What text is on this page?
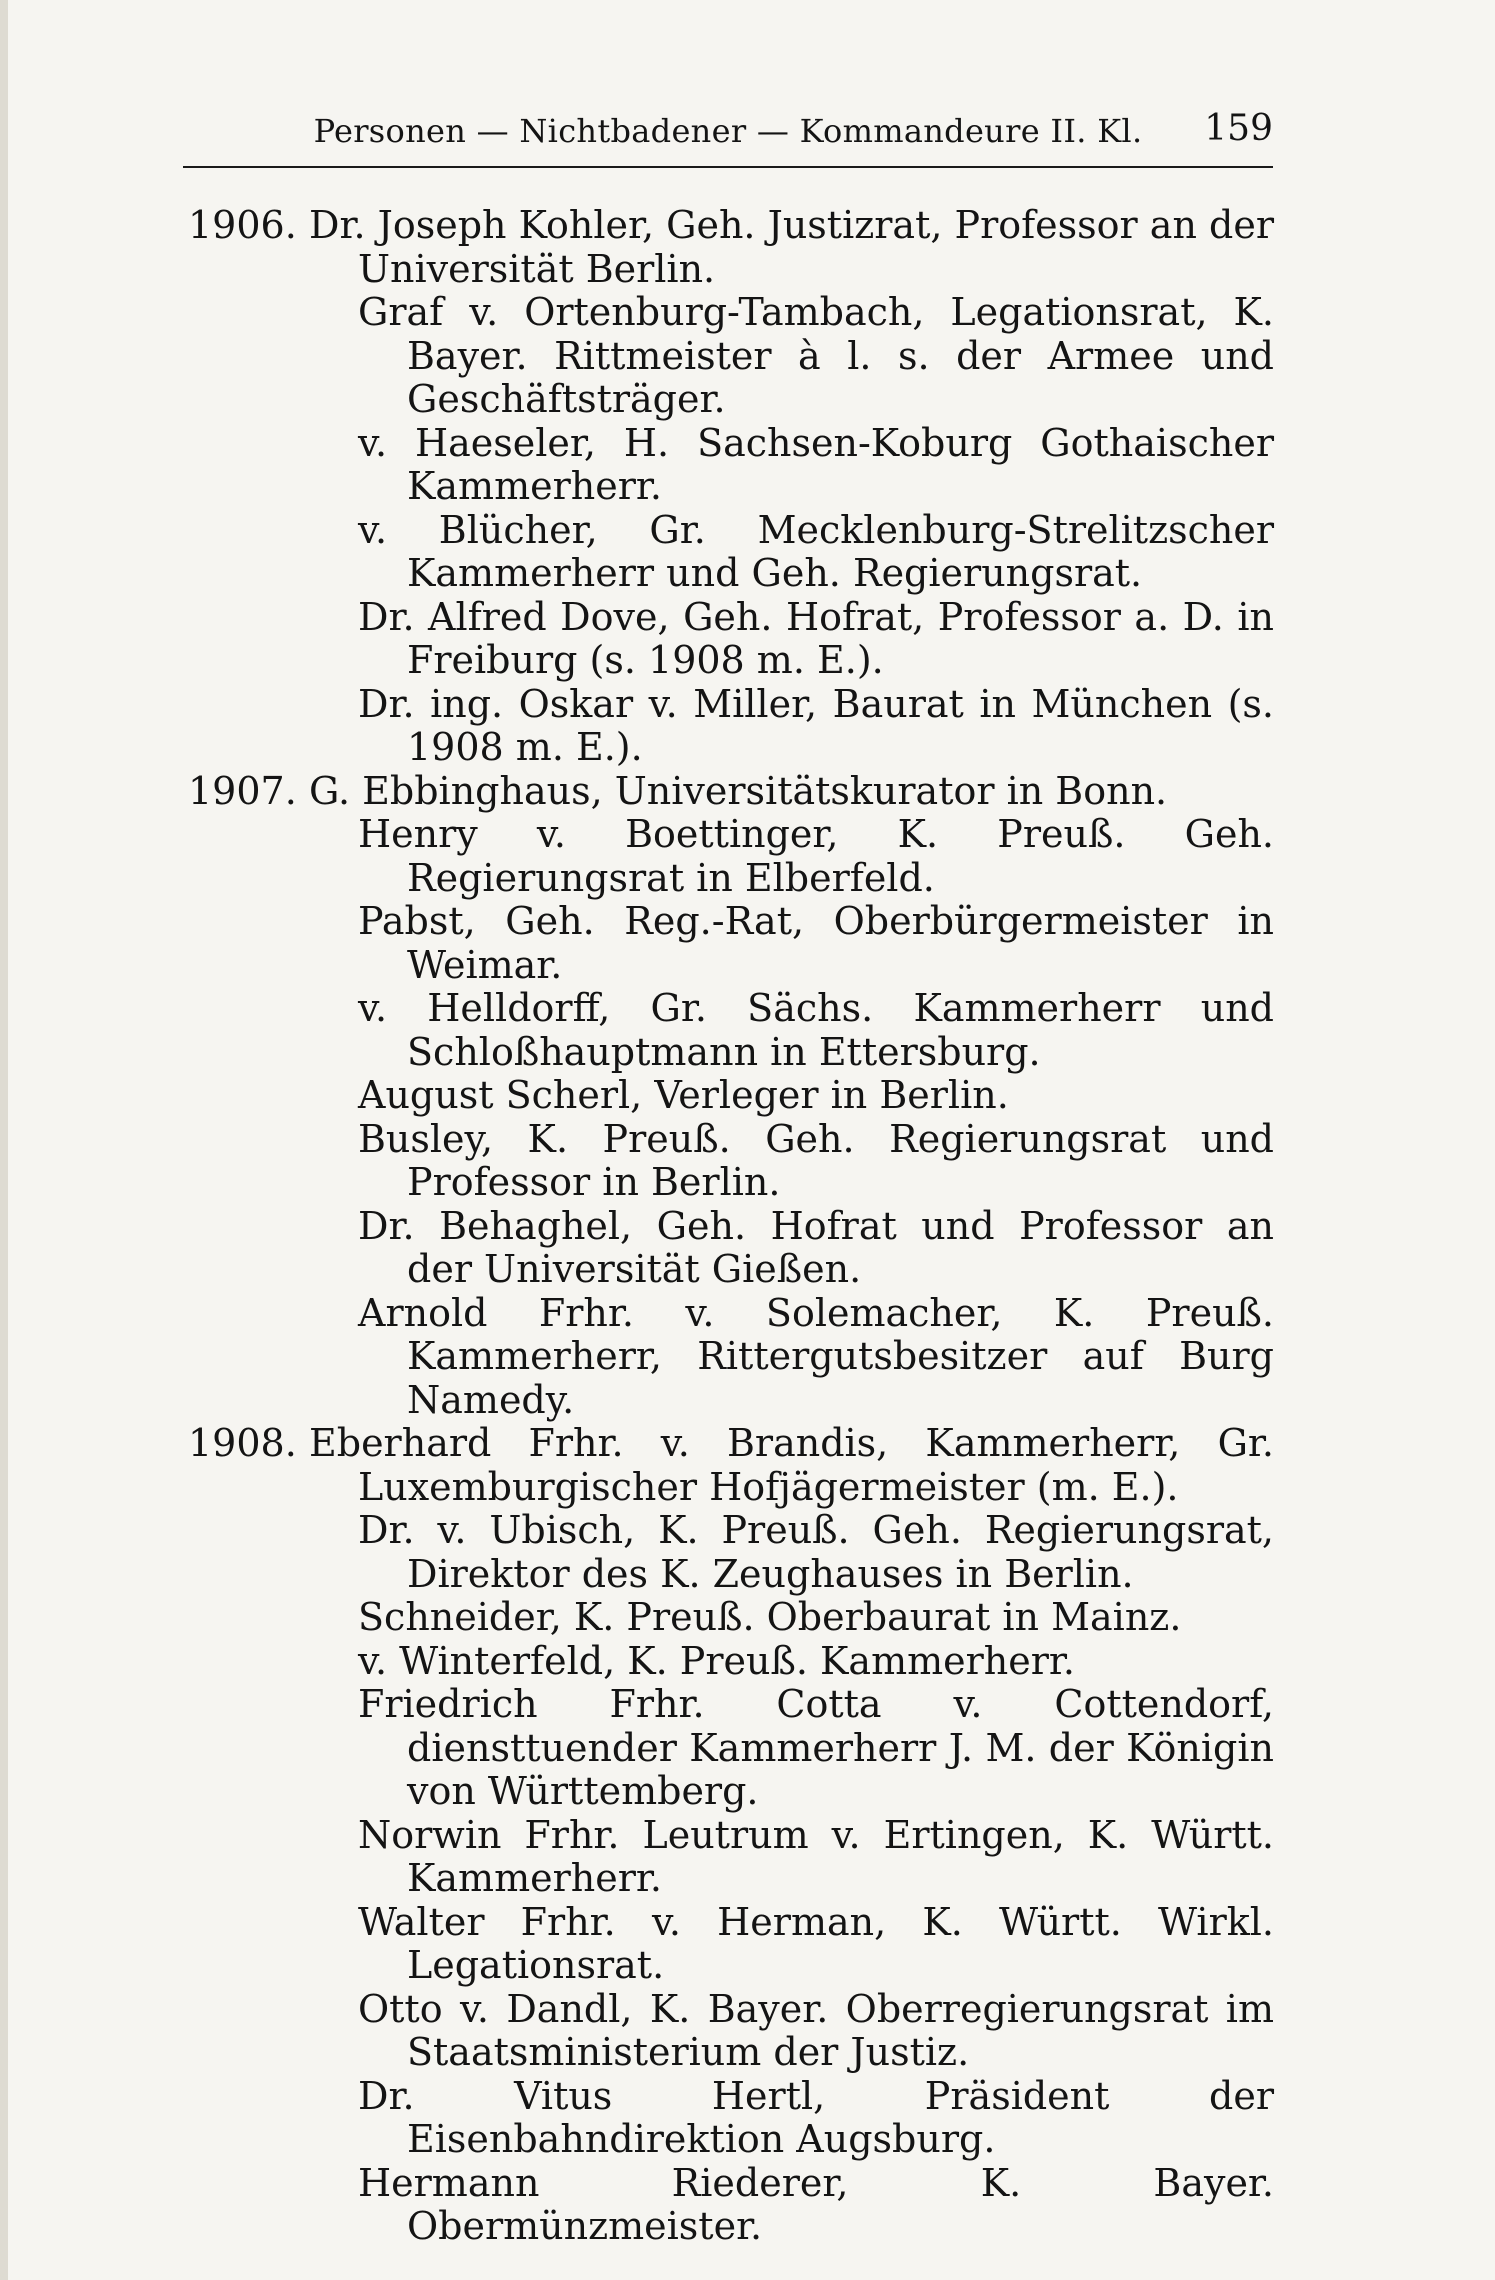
Personen — Nichtbadener — Kommandeure II. Kl.	159
1906. Dr. Joseph Kohler, Geh. Justizrat, Professor an der Universität Berlin.
Graf v. Ortenburg-Tambach, Legationsrat, K. Bayer. Rittmeister à l. s. der Armee und Geschäftsträger.
v. Haeseler, H. Sachsen-Koburg Gothaischer Kammerherr.
v. Blücher, Gr. Mecklenburg-Strelitzscher Kammerherr und Geh. Regierungsrat.
Dr. Alfred Dove, Geh. Hofrat, Professor a. D. in Freiburg (s. 1908 m. E.).
Dr. ing. Oskar v. Miller, Baurat in München (s. 1908 m. E.).
1907. G. Ebbinghaus, Universitätskurator in Bonn.
Henry v. Boettinger, K. Preuß. Geh. Regierungsrat in Elberfeld.
Pabst, Geh. Reg.-Rat, Oberbürgermeister in Weimar.
v. Helldorff, Gr. Sächs. Kammerherr und Schloßhauptmann in Ettersburg.
August Scherl, Verleger in Berlin.
Busley, K. Preuß. Geh. Regierungsrat und Professor in Berlin.
Dr. Behaghel, Geh. Hofrat und Professor an der Universität Gießen.
Arnold Frhr. v. Solemacher, K. Preuß. Kammerherr, Rittergutsbesitzer auf Burg Namedy.
1908. Eberhard Frhr. v. Brandis, Kammerherr, Gr. Luxemburgischer Hofjägermeister (m. E.).
Dr. v. Ubisch, K. Preuß. Geh. Regierungsrat, Direktor des K. Zeughauses in Berlin.
Schneider, K. Preuß. Oberbaurat in Mainz.
v. Winterfeld, K. Preuß. Kammerherr.
Friedrich Frhr. Cotta v. Cottendorf, diensttuender Kammerherr J. M. der Königin von Württemberg.
Norwin Frhr. Leutrum v. Ertingen, K. Württ. Kammerherr.
Walter Frhr. v. Herman, K. Württ. Wirkl. Legationsrat.
Otto v. Dandl, K. Bayer. Oberregierungsrat im Staatsministerium der Justiz.
Dr. Vitus Hertl, Präsident der Eisenbahndirektion Augsburg.
Hermann Riederer, K. Bayer. Obermünzmeister.
